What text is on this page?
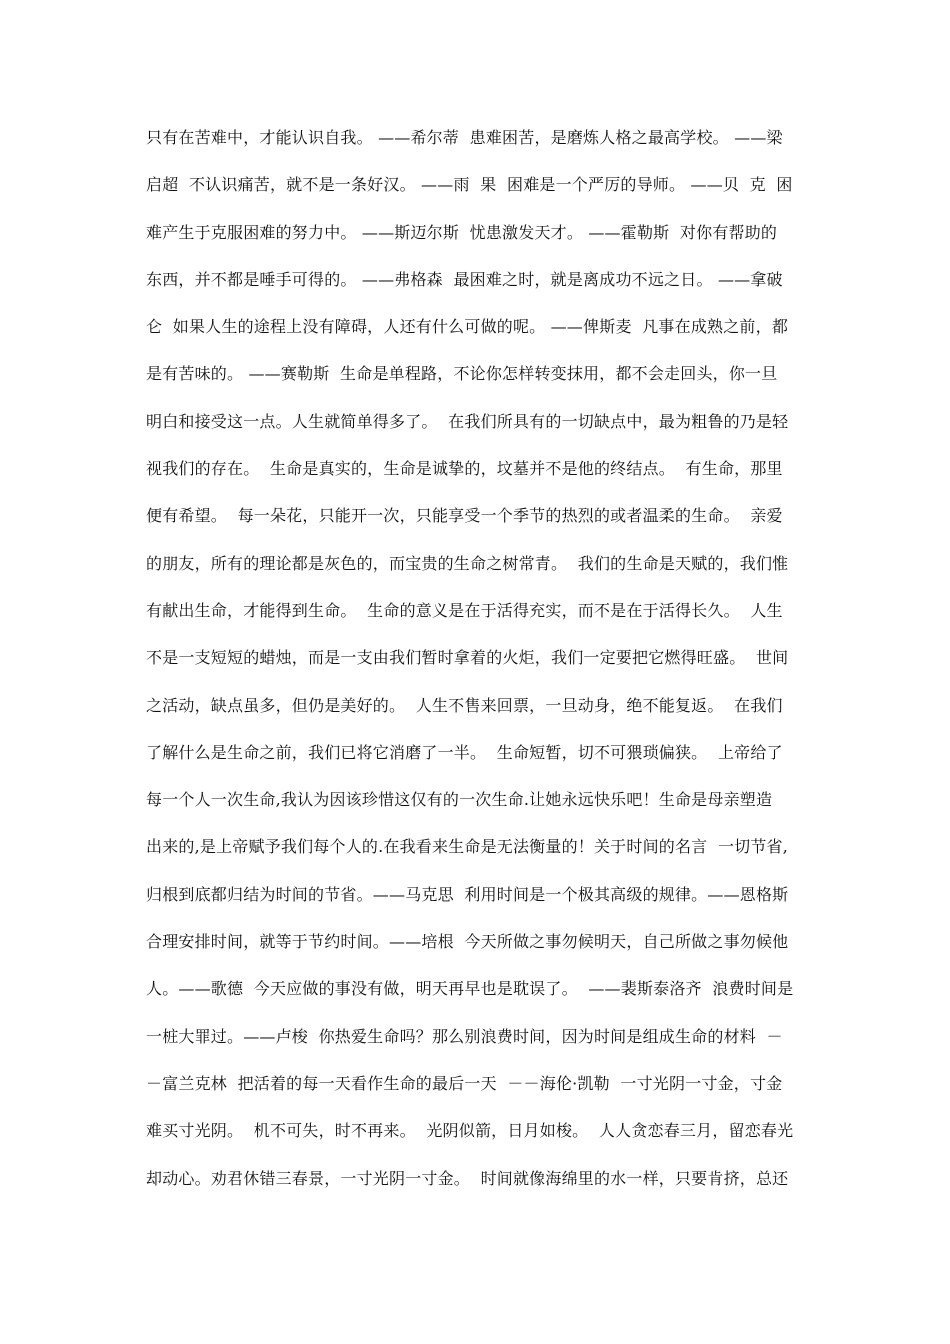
只有在苦难中，才能认识自我。 ——希尔蒂  患难困苦，是磨炼人格之最高学校。 ——梁
启超  不认识痛苦，就不是一条好汉。 ——雨  果  困难是一个严厉的导师。 ——贝  克  困
难产生于克服困难的努力中。 ——斯迈尔斯  忧患激发天才。 ——霍勒斯  对你有帮助的
东西，并不都是唾手可得的。 ——弗格森  最困难之时，就是离成功不远之日。 ——拿破
仑  如果人生的途程上没有障碍，人还有什么可做的呢。 ——俾斯麦  凡事在成熟之前，都
是有苦味的。 ——赛勒斯  生命是单程路，不论你怎样转变抹用，都不会走回头，你一旦
明白和接受这一点。人生就简单得多了。  在我们所具有的一切缺点中，最为粗鲁的乃是轻
视我们的存在。  生命是真实的，生命是诚挚的，坟墓并不是他的终结点。  有生命，那里
便有希望。  每一朵花，只能开一次，只能享受一个季节的热烈的或者温柔的生命。  亲爱
的朋友，所有的理论都是灰色的，而宝贵的生命之树常青。  我们的生命是天赋的，我们惟
有献出生命，才能得到生命。  生命的意义是在于活得充实，而不是在于活得长久。  人生
不是一支短短的蜡烛，而是一支由我们暂时拿着的火炬，我们一定要把它燃得旺盛。  世间
之活动，缺点虽多，但仍是美好的。  人生不售来回票，一旦动身，绝不能复返。  在我们
了解什么是生命之前，我们已将它消磨了一半。  生命短暂，切不可猥琐偏狭。  上帝给了
每一个人一次生命,我认为因该珍惜这仅有的一次生命.让她永远快乐吧！生命是母亲塑造
出来的,是上帝赋予我们每个人的.在我看来生命是无法衡量的！关于时间的名言  一切节省,
归根到底都归结为时间的节省。——马克思  利用时间是一个极其高级的规律。——恩格斯
合理安排时间，就等于节约时间。——培根  今天所做之事勿候明天，自己所做之事勿候他
人。——歌德  今天应做的事没有做，明天再早也是耽误了。  ——裴斯泰洛齐  浪费时间是
一桩大罪过。——卢梭  你热爱生命吗？那么别浪费时间，因为时间是组成生命的材料  －
－富兰克林  把活着的每一天看作生命的最后一天  －－海伦·凯勒  一寸光阴一寸金，寸金
难买寸光阴。  机不可失，时不再来。  光阴似箭，日月如梭。  人人贪恋春三月，留恋春光
却动心。劝君休错三春景，一寸光阴一寸金。  时间就像海绵里的水一样，只要肯挤，总还
